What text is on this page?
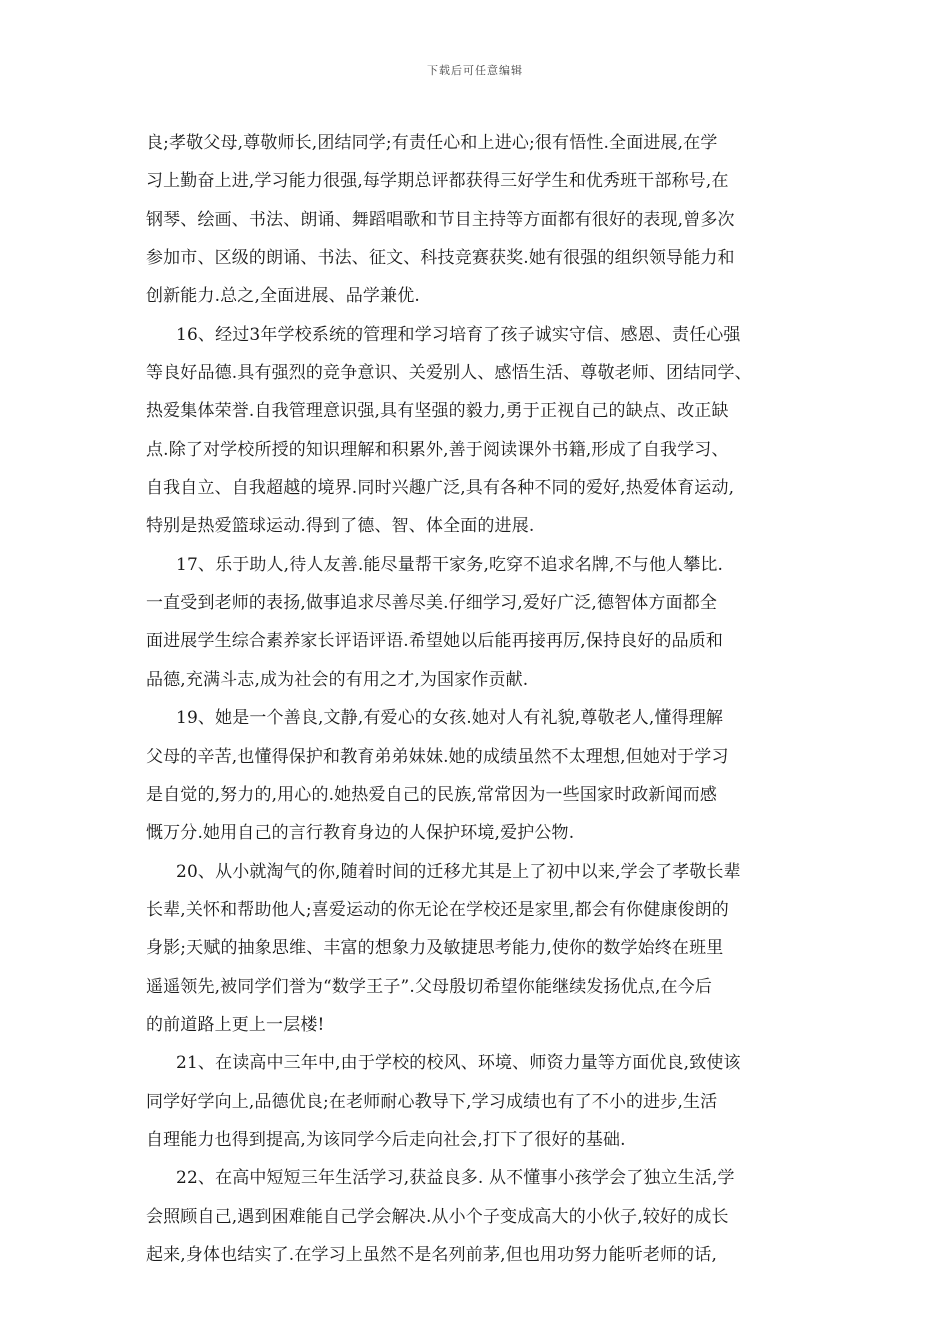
下载后可任意编辑
良;孝敬父母,尊敬师长,团结同学;有责任心和上进心;很有悟性.全面进展,在学
习上勤奋上进,学习能力很强,每学期总评都获得三好学生和优秀班干部称号,在
钢琴、绘画、书法、朗诵、舞蹈唱歌和节目主持等方面都有很好的表现,曾多次
参加市、区级的朗诵、书法、征文、科技竞赛获奖.她有很强的组织领导能力和
创新能力.总之,全面进展、品学兼优.
16、经过3年学校系统的管理和学习培育了孩子诚实守信、感恩、责任心强
等良好品德.具有强烈的竞争意识、关爱别人、感悟生活、尊敬老师、团结同学、
热爱集体荣誉.自我管理意识强,具有坚强的毅力,勇于正视自己的缺点、改正缺
点.除了对学校所授的知识理解和积累外,善于阅读课外书籍,形成了自我学习、
自我自立、自我超越的境界.同时兴趣广泛,具有各种不同的爱好,热爱体育运动,
特别是热爱篮球运动.得到了德、智、体全面的进展.
17、乐于助人,待人友善.能尽量帮干家务,吃穿不追求名牌,不与他人攀比.
一直受到老师的表扬,做事追求尽善尽美.仔细学习,爱好广泛,德智体方面都全
面进展学生综合素养家长评语评语.希望她以后能再接再厉,保持良好的品质和
品德,充满斗志,成为社会的有用之才,为国家作贡献.
19、她是一个善良,文静,有爱心的女孩.她对人有礼貌,尊敬老人,懂得理解
父母的辛苦,也懂得保护和教育弟弟妹妹.她的成绩虽然不太理想,但她对于学习
是自觉的,努力的,用心的.她热爱自己的民族,常常因为一些国家时政新闻而感
慨万分.她用自己的言行教育身边的人保护环境,爱护公物.
20、从小就淘气的你,随着时间的迁移尤其是上了初中以来,学会了孝敬长辈
长辈,关怀和帮助他人;喜爱运动的你无论在学校还是家里,都会有你健康俊朗的
身影;天赋的抽象思维、丰富的想象力及敏捷思考能力,使你的数学始终在班里
遥遥领先,被同学们誉为“数学王子”.父母殷切希望你能继续发扬优点,在今后
的前道路上更上一层楼!
21、在读高中三年中,由于学校的校风、环境、师资力量等方面优良,致使该
同学好学向上,品德优良;在老师耐心教导下,学习成绩也有了不小的进步,生活
自理能力也得到提高,为该同学今后走向社会,打下了很好的基础.
22、在高中短短三年生活学习,获益良多. 从不懂事小孩学会了独立生活,学
会照顾自己,遇到困难能自己学会解决.从小个子变成高大的小伙子,较好的成长
起来,身体也结实了.在学习上虽然不是名列前茅,但也用功努力能听老师的话,
